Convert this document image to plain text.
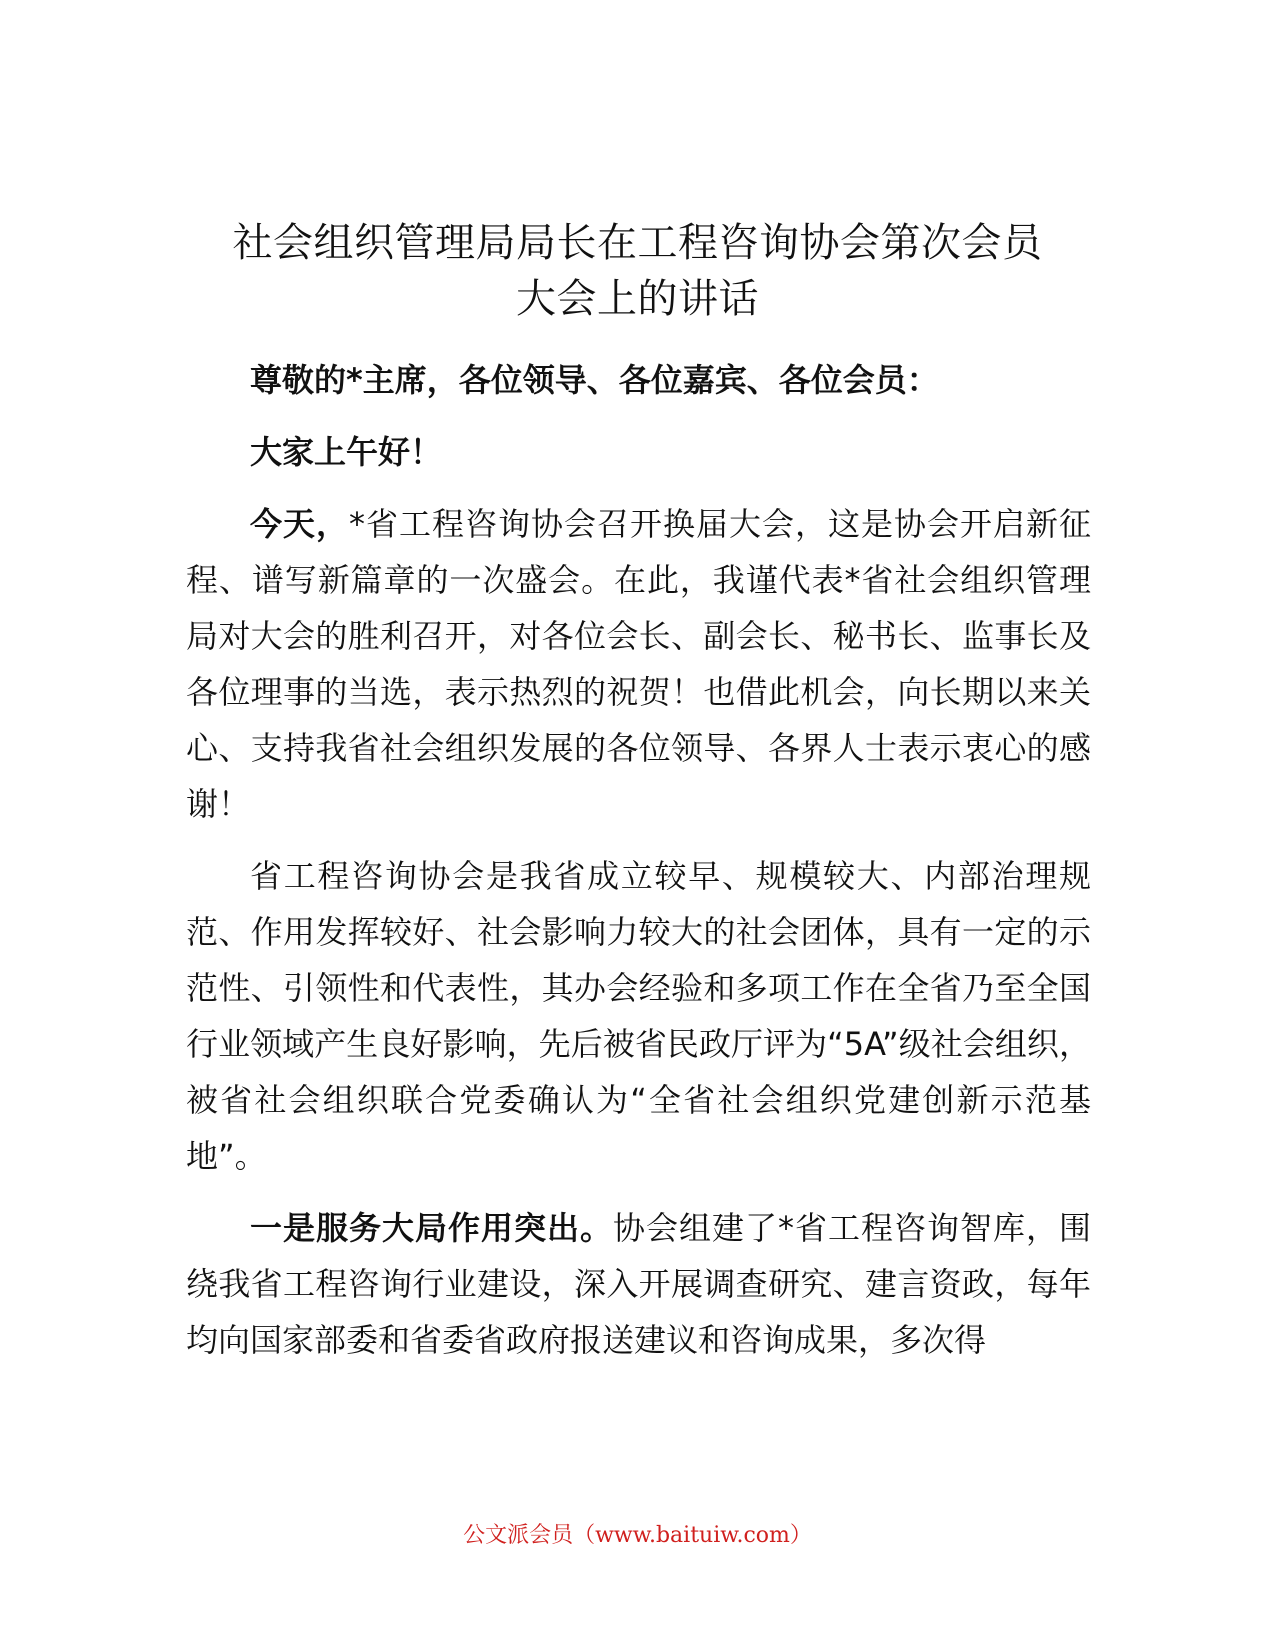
社会组织管理局局长在工程咨询协会第次会员
大会上的讲话

尊敬的*主席，各位领导、各位嘉宾、各位会员：

大家上午好！

今天，*省工程咨询协会召开换届大会，这是协会开启新征程、谱写新篇章的一次盛会。在此，我谨代表*省社会组织管理局对大会的胜利召开，对各位会长、副会长、秘书长、监事长及各位理事的当选，表示热烈的祝贺！也借此机会，向长期以来关心、支持我省社会组织发展的各位领导、各界人士表示衷心的感谢！

省工程咨询协会是我省成立较早、规模较大、内部治理规范、作用发挥较好、社会影响力较大的社会团体，具有一定的示范性、引领性和代表性，其办会经验和多项工作在全省乃至全国行业领域产生良好影响，先后被省民政厅评为“5A”级社会组织，被省社会组织联合党委确认为“全省社会组织党建创新示范基地”。

一是服务大局作用突出。协会组建了*省工程咨询智库，围绕我省工程咨询行业建设，深入开展调查研究、建言资政，每年均向国家部委和省委省政府报送建议和咨询成果，多次得

公文派会员（www.baituiw.com）
